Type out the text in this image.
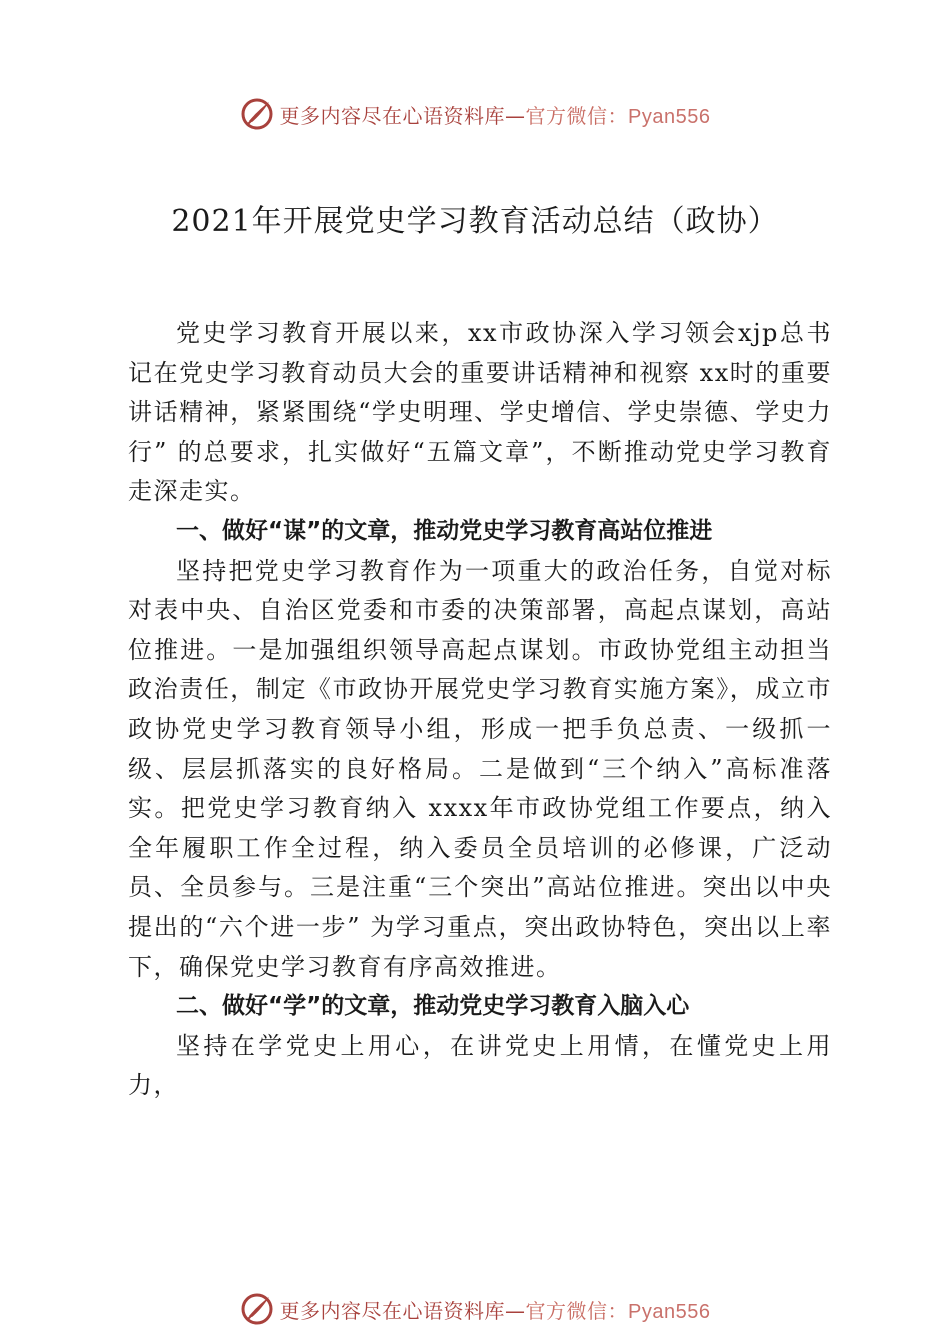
更多内容尽在心语资料库—官方微信：Pyan556
2021年开展党史学习教育活动总结（政协）

党史学习教育开展以来，xx市政协深入学习领会xjp总书记在党史学习教育动员大会的重要讲话精神和视察 xx时的重要讲话精神，紧紧围绕“学史明理、学史增信、学史崇德、学史力行” 的总要求，扎实做好“五篇文章”，不断推动党史学习教育走深走实。

一、做好“谋”的文章，推动党史学习教育高站位推进

坚持把党史学习教育作为一项重大的政治任务，自觉对标对表中央、自治区党委和市委的决策部署，高起点谋划，高站位推进。一是加强组织领导高起点谋划。市政协党组主动担当政治责任，制定《市政协开展党史学习教育实施方案》，成立市政协党史学习教育领导小组，形成一把手负总责、一级抓一级、层层抓落实的良好格局。二是做到“三个纳入”高标准落实。把党史学习教育纳入 xxxx年市政协党组工作要点，纳入全年履职工作全过程，纳入委员全员培训的必修课，广泛动员、全员参与。三是注重“三个突出”高站位推进。突出以中央提出的“六个进一步” 为学习重点，突出政协特色，突出以上率下，确保党史学习教育有序高效推进。

二、做好“学”的文章，推动党史学习教育入脑入心

坚持在学党史上用心，在讲党史上用情，在懂党史上用力，

更多内容尽在心语资料库—官方微信：Pyan556
